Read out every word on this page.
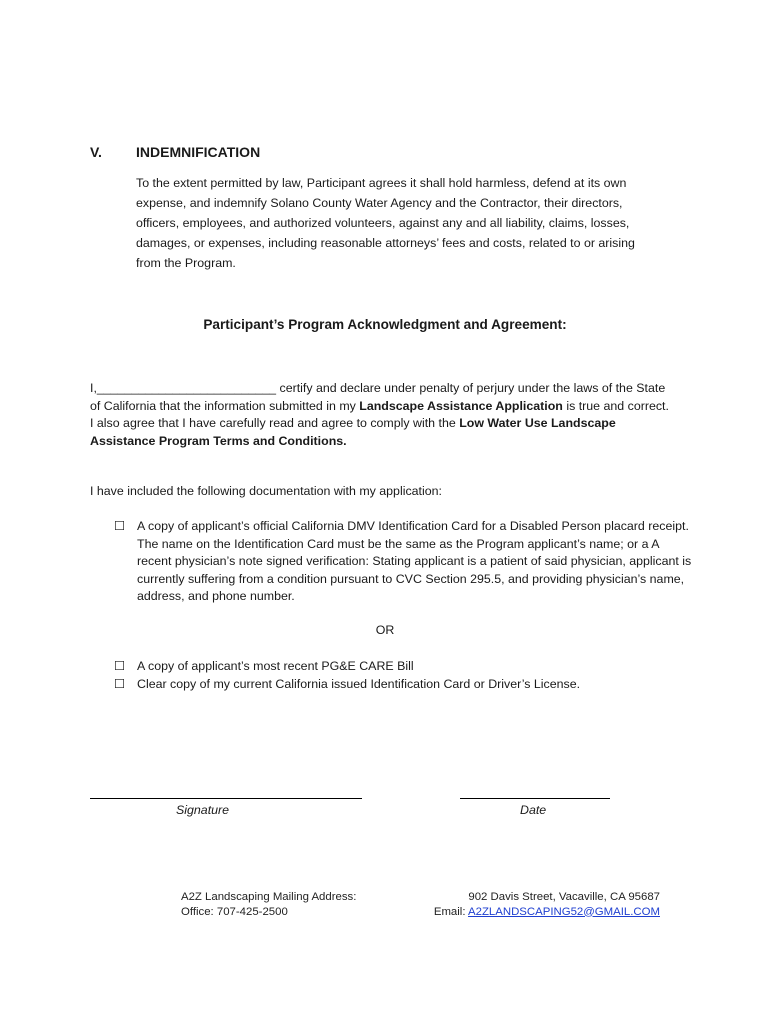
V. INDEMNIFICATION

To the extent permitted by law, Participant agrees it shall hold harmless, defend at its own expense, and indemnify Solano County Water Agency and the Contractor, their directors, officers, employees, and authorized volunteers, against any and all liability, claims, losses, damages, or expenses, including reasonable attorneys’ fees and costs, related to or arising from the Program.

Participant’s Program Acknowledgment and Agreement:

I,__________________________ certify and declare under penalty of perjury under the laws of the State of California that the information submitted in my Landscape Assistance Application is true and correct. I also agree that I have carefully read and agree to comply with the Low Water Use Landscape Assistance Program Terms and Conditions.

I have included the following documentation with my application:

☐ A copy of applicant’s official California DMV Identification Card for a Disabled Person placard receipt. The name on the Identification Card must be the same as the Program applicant’s name; or a A recent physician’s note signed verification: Stating applicant is a patient of said physician, applicant is currently suffering from a condition pursuant to CVC Section 295.5, and providing physician’s name, address, and phone number.
OR
☐ A copy of applicant’s most recent PG&E CARE Bill
☐ Clear copy of my current California issued Identification Card or Driver’s License.
Signature	Date
A2Z Landscaping Mailing Address:
Office: 707-425-2500
902 Davis Street, Vacaville, CA 95687
Email: A2ZLANDSCAPING52@GMAIL.COM
